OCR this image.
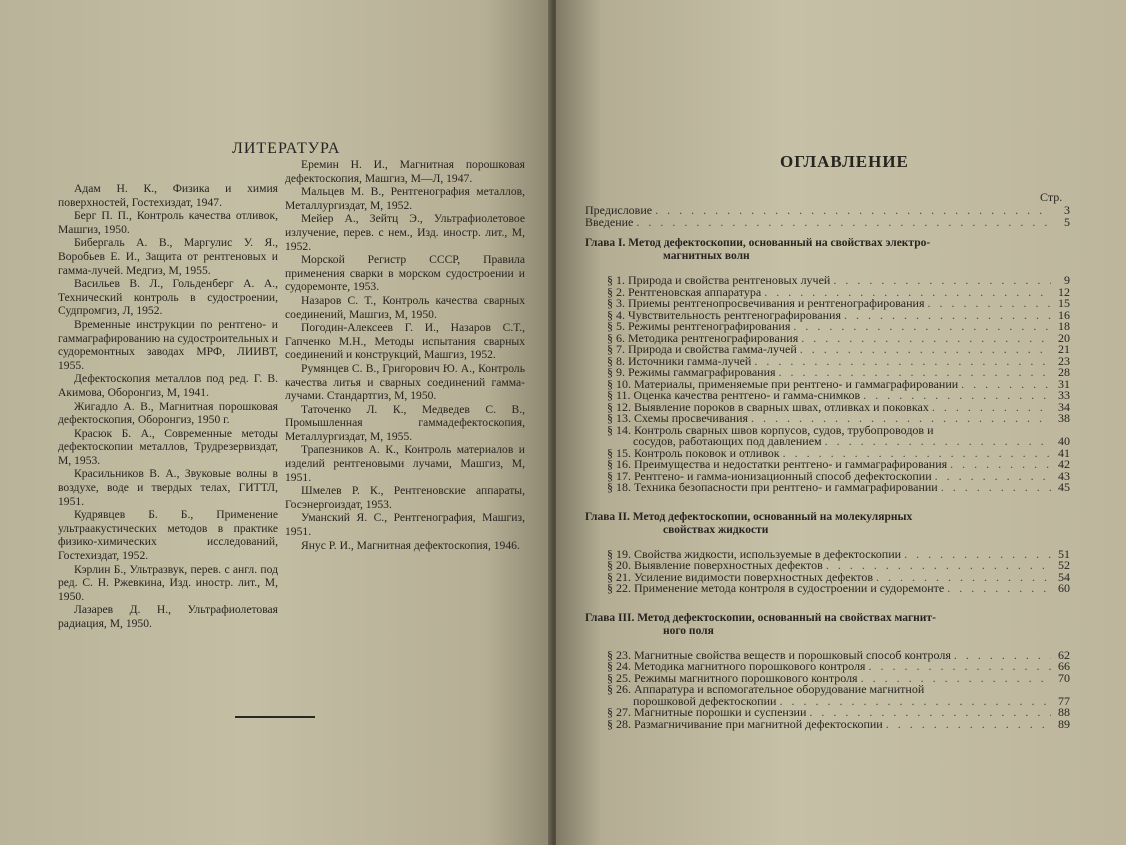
ЛИТЕРАТУРА

Адам Н. К., Физика и химия поверхностей, Гостехиздат, 1947.

Берг П. П., Контроль качества отливок, Машгиз, 1950.

Бибергаль А. В., Маргулис У. Я., Воробьев Е. И., Защита от рентгеновых и гамма-лучей. Медгиз, М, 1955.

Васильев В. Л., Гольденберг А. А., Технический контроль в судостроении, Судпромгиз, Л, 1952.

Временные инструкции по рентгено- и гаммаграфированию на судостроительных и судоремонтных заводах МРФ, ЛИИВТ, 1955.

Дефектоскопия металлов под ред. Г. В. Акимова, Оборонгиз, М, 1941.

Жигадло А. В., Магнитная порошковая дефектоскопия, Оборонгиз, 1950 г.

Красюк Б. А., Современные методы дефектоскопии металлов, Трудрезервиздат, М, 1953.

Красильников В. А., Звуковые волны в воздухе, воде и твердых телах, ГИТТЛ, 1951.

Кудрявцев Б. Б., Применение ультраакустических методов в практике физико-химических исследований, Гостехиздат, 1952.

Кэрлин Б., Ультразвук, перев. с англ. под ред. С. Н. Ржевкина, Изд. иностр. лит., М, 1950.

Лазарев Д. Н., Ультрафиолетовая радиация, М, 1950.

Еремин Н. И., Магнитная порошковая дефектоскопия, Машгиз, М—Л, 1947.

Мальцев М. В., Рентгенография металлов, Металлургиздат, М, 1952.

Мейер А., Зейтц Э., Ультрафиолетовое излучение, перев. с нем., Изд. иностр. лит., М, 1952.

Морской Регистр СССР, Правила применения сварки в морском судостроении и судоремонте, 1953.

Назаров С. Т., Контроль качества сварных соединений, Машгиз, М, 1950.

Погодин-Алексеев Г. И., Назаров С.Т., Гапченко М.Н., Методы испытания сварных соединений и конструкций, Машгиз, 1952.

Румянцев С. В., Григорович Ю. А., Контроль качества литья и сварных соединений гамма-лучами. Стандартгиз, М, 1950.

Таточенко Л. К., Медведев С. В., Промышленная гаммадефектоскопия, Металлургиздат, М, 1955.

Трапезников А. К., Контроль материалов и изделий рентгеновыми лучами, Машгиз, М, 1951.

Шмелев Р. К., Рентгеновские аппараты, Госэнергоиздат, 1953.

Уманский Я. С., Рентгенография, Машгиз, 1951.

Янус Р. И., Магнитная дефектоскопия, 1946.

ОГЛАВЛЕНИЕ
Стр.
Предисловие . . .	3
Введение . . .	5
Глава I. Метод дефектоскопии, основанный на свойствах электро-
магнитных волн
§ 1. Природа и свойства рентгеновых лучей . . .	9
§ 2. Рентгеновская аппаратура . . .	12
§ 3. Приемы рентгенопросвечивания и рентгенографирования . . .	15
§ 4. Чувствительность рентгенографирования . . .	16
§ 5. Режимы рентгенографирования . . .	18
§ 6. Методика рентгенографирования . . .	20
§ 7. Природа и свойства гамма-лучей . . .	21
§ 8. Источники гамма-лучей . . .	23
§ 9. Режимы гаммаграфирования . . .	28
§ 10. Материалы, применяемые при рентгено- и гаммаграфировании . . .	31
§ 11. Оценка качества рентгено- и гамма-снимков . . .	33
§ 12. Выявление пороков в сварных швах, отливках и поковках . . .	34
§ 13. Схемы просвечивания . . .	38
§ 14. Контроль сварных швов корпусов, судов, трубопроводов и
сосудов, работающих под давлением . . .	40
§ 15. Контроль поковок и отливок . . .	41
§ 16. Преимущества и недостатки рентгено- и гаммаграфирования . . .	42
§ 17. Рентгено- и гамма-ионизационный способ дефектоскопии . . .	43
§ 18. Техника безопасности при рентгено- и гаммаграфировании . . .	45
Глава II. Метод дефектоскопии, основанный на молекулярных
свойствах жидкости
§ 19. Свойства жидкости, используемые в дефектоскопии . . .	51
§ 20. Выявление поверхностных дефектов . . .	52
§ 21. Усиление видимости поверхностных дефектов . . .	54
§ 22. Применение метода контроля в судостроении и судоремонте . . .	60
Глава III. Метод дефектоскопии, основанный на свойствах магнит-
ного поля
§ 23. Магнитные свойства веществ и порошковый способ контроля . . .	62
§ 24. Методика магнитного порошкового контроля . . .	66
§ 25. Режимы магнитного порошкового контроля . . .	70
§ 26. Аппаратура и вспомогательное оборудование магнитной
порошковой дефектоскопии . . .	77
§ 27. Магнитные порошки и суспензии . . .	88
§ 28. Размагничивание при магнитной дефектоскопии . . .	89
